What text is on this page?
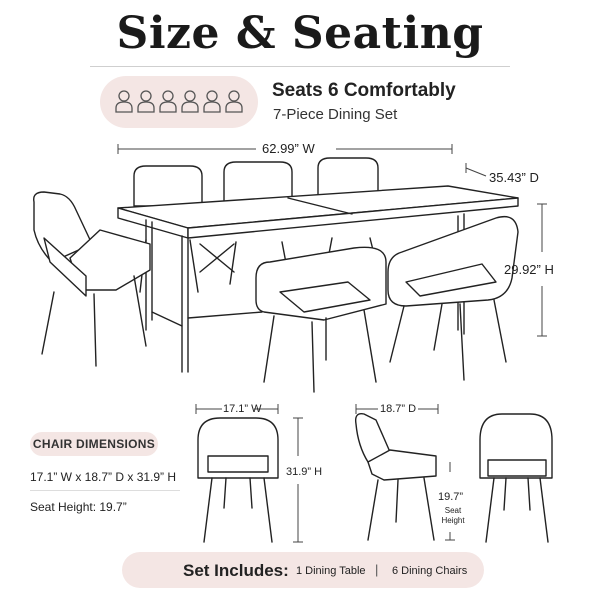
Size & Seating
Seats 6 Comfortably
7-Piece Dining Set
62.99” W
35.43” D
29.92” H
17.1” W	18.7” D
31.9” H
19.7”
Seat Height
CHAIR DIMENSIONS
17.1” W x 18.7” D x 31.9” H
Seat Height: 19.7”
Set Includes: 1 Dining Table | 6 Dining Chairs
